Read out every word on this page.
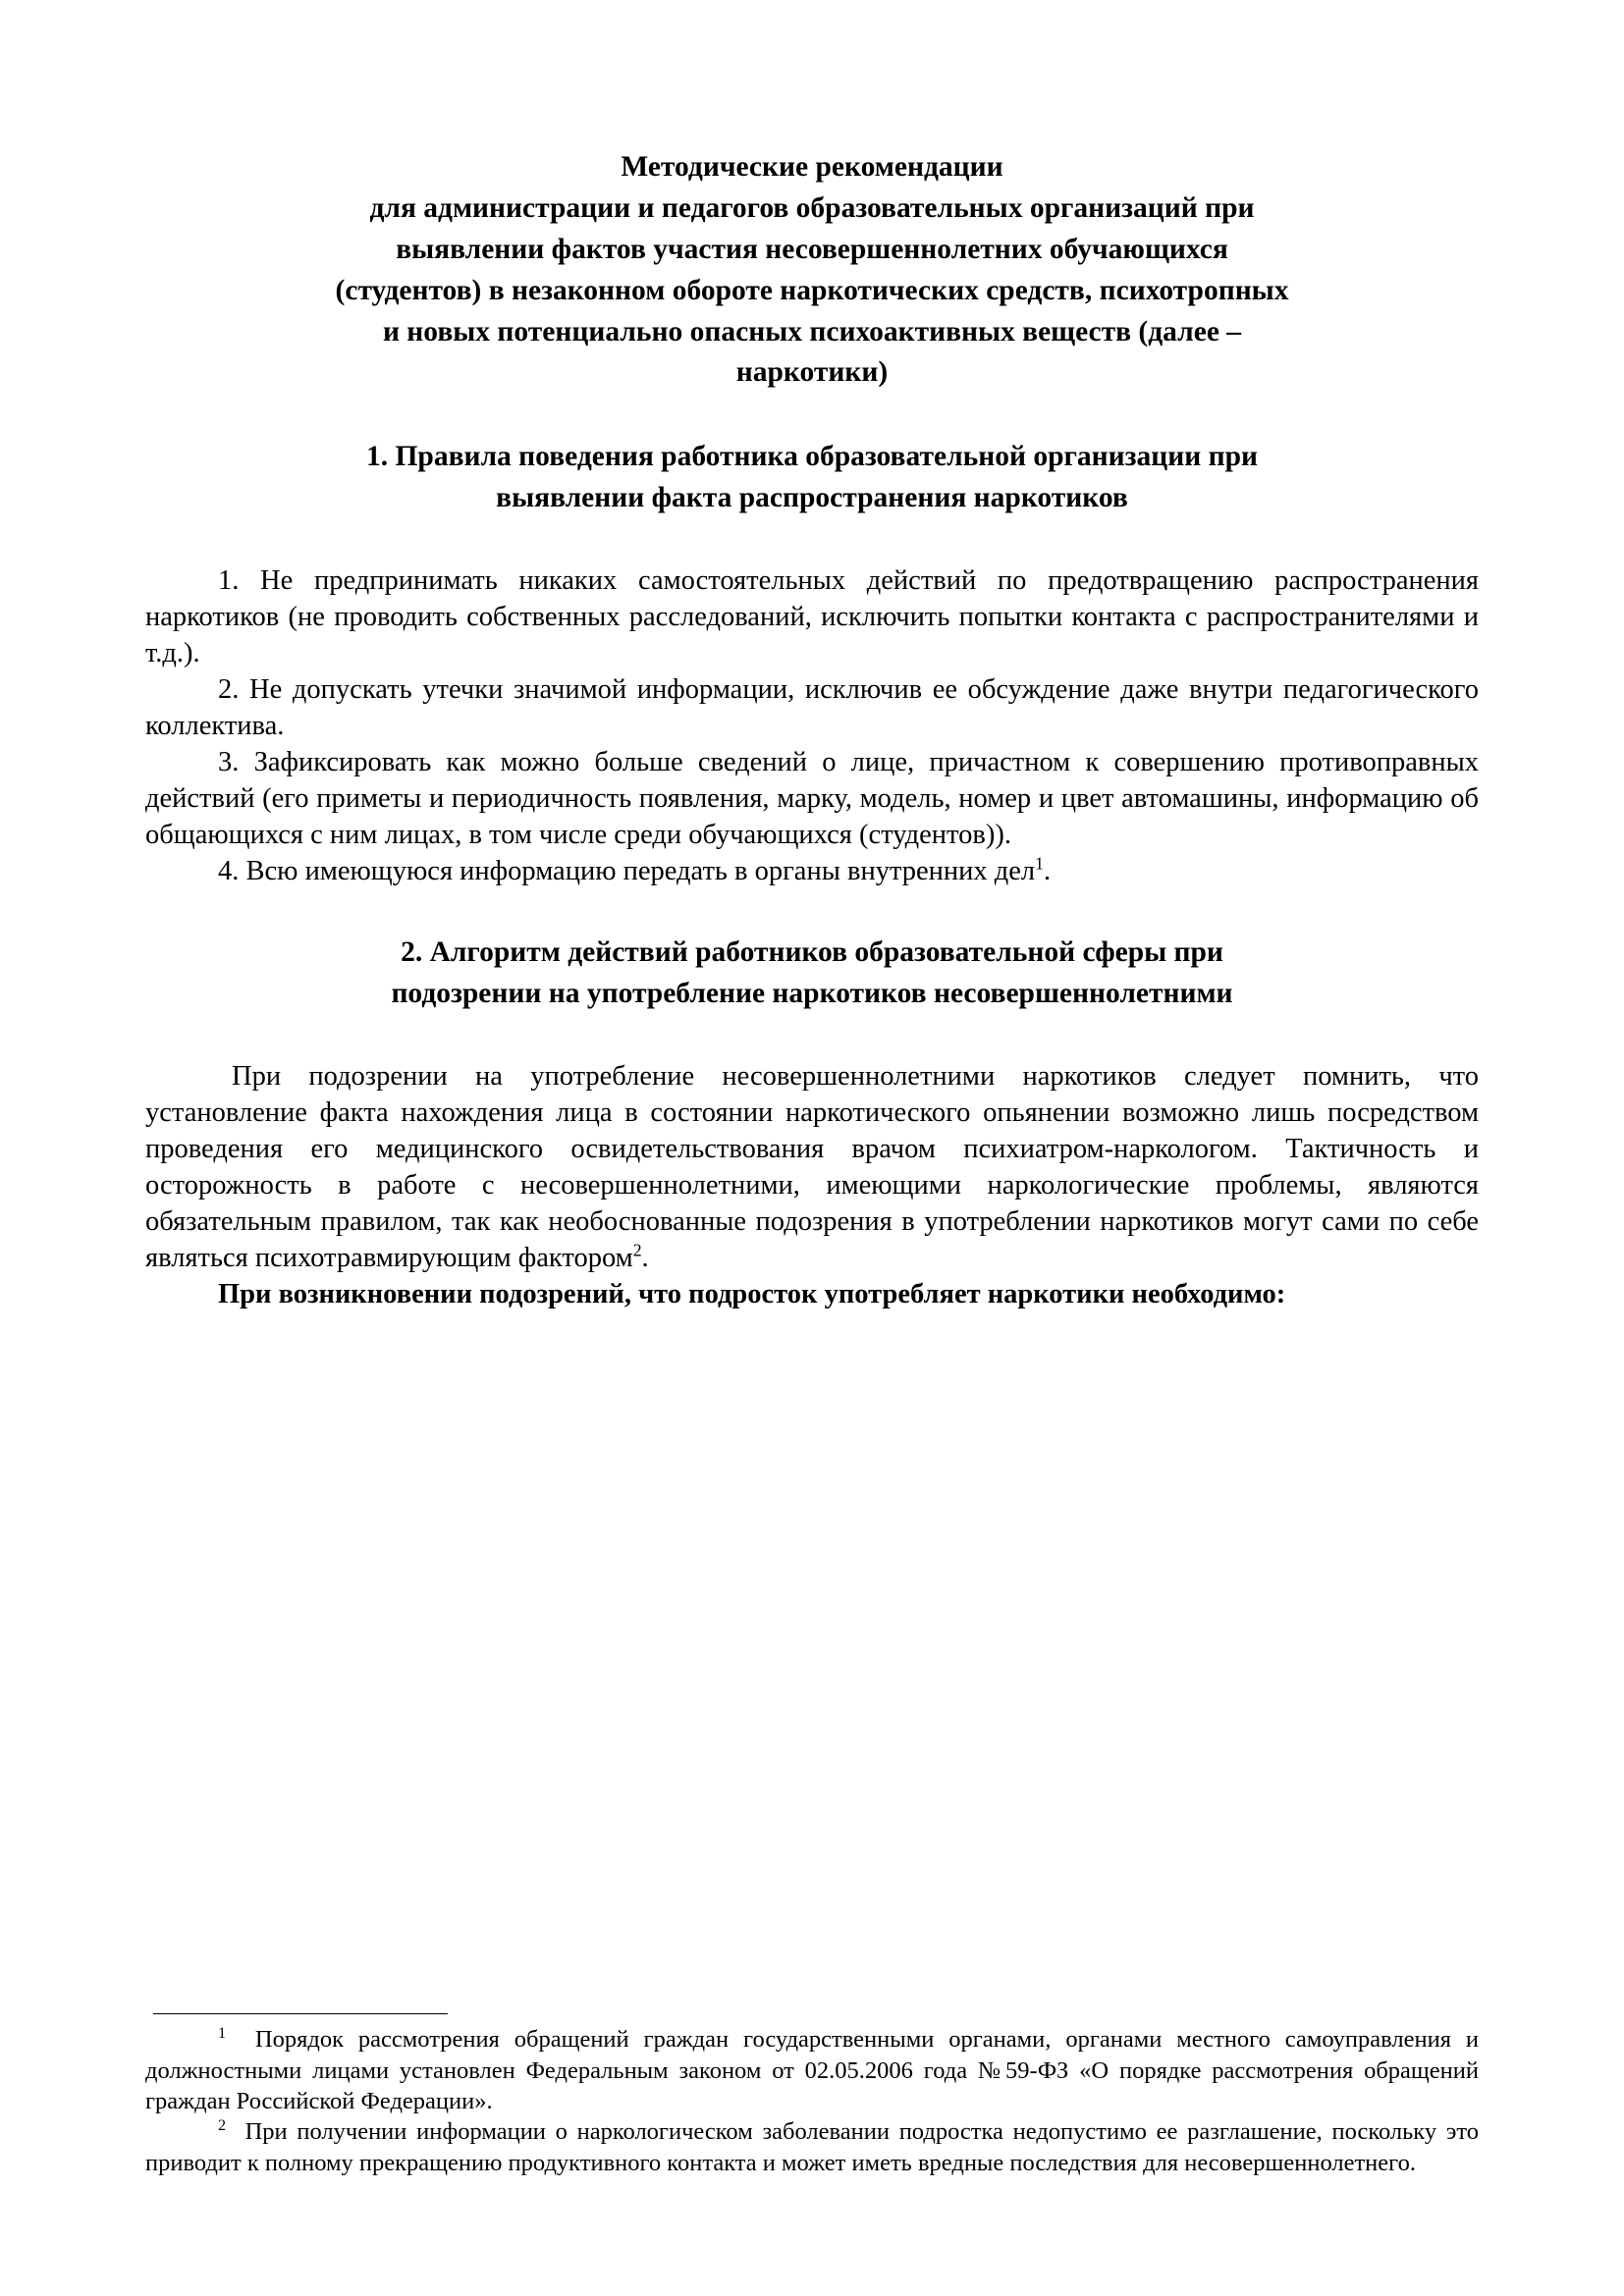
Методические рекомендации
для администрации и педагогов образовательных организаций при
выявлении фактов участия несовершеннолетних обучающихся
(студентов) в незаконном оборотe наркотических средств, психотропных
и новых потенциально опасных психоактивных веществ (далее –
наркотики)
1. Правила поведения работника образовательной организации при
выявлении факта распространения наркотиков

1. Не предпринимать никаких самостоятельных действий по предотвращению распространения наркотиков (не проводить собственных расследований, исключить попытки контакта с распространителями и т.д.).

2. Не допускать утечки значимой информации, исключив ее обсуждение даже внутри педагогического коллектива.

3. Зафиксировать как можно больше сведений о лице, причастном к совершению противоправных действий (его приметы и периодичность появления, марку, модель, номер и цвет автомашины, информацию об общающихся с ним лицах, в том числе среди обучающихся (студентов)).

4. Всю имеющуюся информацию передать в органы внутренних дел$^1$.

2. Алгоритм действий работников образовательной сферы при
подозрении на употребление наркотиков несовершеннолетними

При подозрении на употребление несовершеннолетними наркотиков следует помнить, что установление факта нахождения лица в состоянии наркотического опьянении возможно лишь посредством проведения его медицинского освидетельствования врачом психиатром-наркологом. Тактичность и осторожность в работе с несовершеннолетними, имеющими наркологические проблемы, являются обязательным правилом, так как необоснованные подозрения в употреблении наркотиков могут сами по себе являться психотравмирующим фактором$^2$.

При возникновении подозрений, что подросток употребляет наркотики необходимо:

$^1$ Порядок рассмотрения обращений граждан государственными органами, органами местного самоуправления и должностными лицами установлен Федеральным законом от 02.05.2006 года №59-ФЗ «О порядке рассмотрения обращений граждан Российской Федерации».

$^2$ При получении информации о наркологическом заболевании подростка недопустимо ее разглашение, поскольку это приводит к полному прекращению продуктивного контакта и может иметь вредные последствия для несовершеннолетнего.
